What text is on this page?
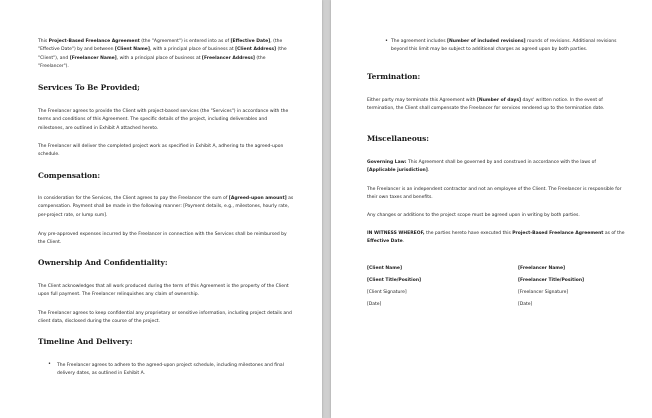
This Project-Based Freelance Agreement (the "Agreement") is entered into as of [Effective Date], (the "Effective Date") by and between [Client Name], with a principal place of business at [Client Address] (the "Client"), and [Freelancer Name], with a principal place of business at [Freelancer Address] (the "Freelancer").

Services To Be Provided;

The Freelancer agrees to provide the Client with project-based services (the "Services") in accordance with the terms and conditions of this Agreement. The specific details of the project, including deliverables and milestones, are outlined in Exhibit A attached hereto.

The Freelancer will deliver the completed project work as specified in Exhibit A, adhering to the agreed-upon schedule.

Compensation:

In consideration for the Services, the Client agrees to pay the Freelancer the sum of [Agreed-upon amount] as compensation. Payment shall be made in the following manner: [Payment details, e.g., milestones, hourly rate, per-project rate, or lump sum].

Any pre-approved expenses incurred by the Freelancer in connection with the Services shall be reimbursed by the Client.

Ownership And Confidentiality:

The Client acknowledges that all work produced during the term of this Agreement is the property of the Client upon full payment. The Freelancer relinquishes any claim of ownership.

The Freelancer agrees to keep confidential any proprietary or sensitive information, including project details and client data, disclosed during the course of the project.

Timeline And Delivery:
• The Freelancer agrees to adhere to the agreed-upon project schedule, including milestones and final delivery dates, as outlined in Exhibit A.

• The agreement includes [Number of included revisions] rounds of revisions. Additional revisions beyond this limit may be subject to additional charges as agreed upon by both parties.

Termination:

Either party may terminate this Agreement with [Number of days] days' written notice. In the event of termination, the Client shall compensate the Freelancer for services rendered up to the termination date.

Miscellaneous:

Governing Law: This Agreement shall be governed by and construed in accordance with the laws of [Applicable jurisdiction].

The Freelancer is an independent contractor and not an employee of the Client. The Freelancer is responsible for their own taxes and benefits.

Any changes or additions to the project scope must be agreed upon in writing by both parties.

IN WITNESS WHEREOF, the parties hereto have executed this Project-Based Freelance Agreement as of the Effective Date.

[Client Name]
[Client Title/Position]
[Client Signature]
[Date]
[Freelancer Name]
[Freelancer Title/Position]
[Freelancer Signature]
[Date]
